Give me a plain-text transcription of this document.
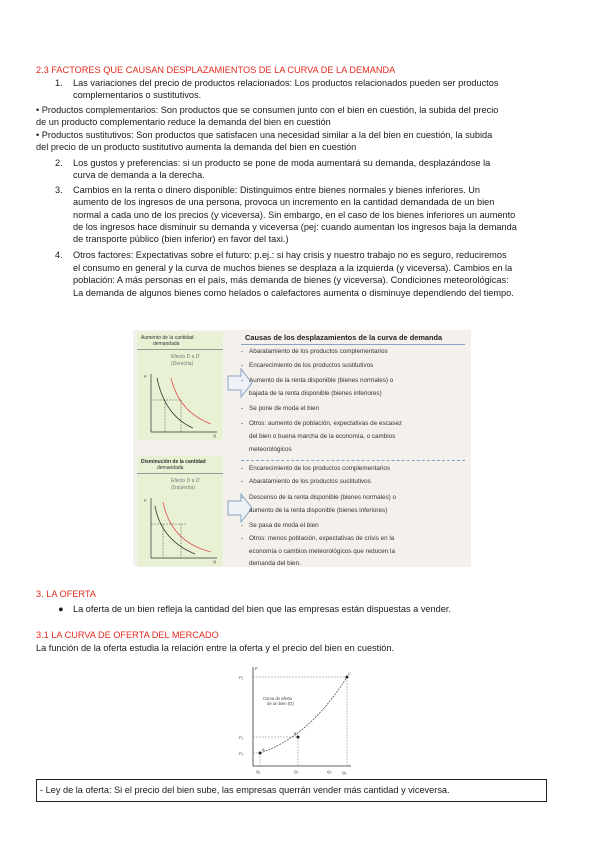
2.3 FACTORES QUE CAUSAN DESPLAZAMIENTOS DE LA CURVA DE LA DEMANDA
1. Las variaciones del precio de productos relacionados: Los productos relacionados pueden ser productos
complementarios o sustitutivos.
• Productos complementarios: Son productos que se consumen junto con el bien en cuestión, la subida del precio
de un producto complementario reduce la demanda del bien en cuestión
• Productos sustitutivos: Son productos que satisfacen una necesidad similar a la del bien en cuestión, la subida
del precio de un producto sustitutivo aumenta la demanda del bien en cuestión
2. Los gustos y preferencias: si un producto se pone de moda aumentará su demanda, desplazándose la
curva de demanda a la derecha.
3. Cambios en la renta o dinero disponible: Distinguimos entre bienes normales y bienes inferiores. Un
aumento de los ingresos de una persona, provoca un incremento en la cantidad demandada de un bien
normal a cada uno de los precios (y viceversa). Sin embargo, en el caso de los bienes inferiores un aumento
de los ingresos hace disminuir su demanda y viceversa (pej: cuando aumentan los ingresos baja la demanda
de transporte público (bien inferior) en favor del taxi.)
4. Otros factores: Expectativas sobre el futuro: p.ej.: si hay crisis y nuestro trabajo no es seguro, reduciremos
el consumo en general y la curva de muchos bienes se desplaza a la izquierda (y viceversa). Cambios en la
población: A más personas en el país, más demanda de bienes (y viceversa). Condiciones meteorológicas:
La demanda de algunos bienes como helados o calefactores aumenta o disminuye dependiendo del tiempo.
Aumento de la cantidad
demandada
Efecto D a D'
(Derecha)
P
Q
Disminución de la cantidad
demandada
Efecto D a D'
(Izquierda)
P
Q
Causas de los desplazamientos de la curva de demanda
- Abaratamiento de los productos complementarios
- Encarecimiento de los productos sustitutivos
- Aumento de la renta disponible (bienes normales) o
bajada de la renta disponible (bienes inferiores)
- Se pone de moda el bien
- Otros: aumento de población, expectativas de escasez
del bien o buena marcha de la economía, o cambios
meteorológicos
- Encarecimiento de los productos complementarios
- Abaratamiento de los productos sustitutivos
- Descenso de la renta disponible (bienes normales) o
aumento de la renta disponible (bienes inferiores)
- Se pasa de moda el bien
- Otros: menos población, expectativas de crisis en la
economía o cambios meteorológicos que reducen la
demanda del bien.
3. LA OFERTA
● La oferta de un bien refleja la cantidad del bien que las empresas están dispuestas a vender.
3.1 LA CURVA DE OFERTA DEL MERCADO
La función de la oferta estudia la relación entre la oferta y el precio del bien en cuestión.
A
B
C
P
Qₒ
P₁
P₂
P₃
Q₁	Q₂	Q₃
Curva de oferta
de un bien (O)
- Ley de la oferta: Si el precio del bien sube, las empresas querrán vender más cantidad y viceversa.
